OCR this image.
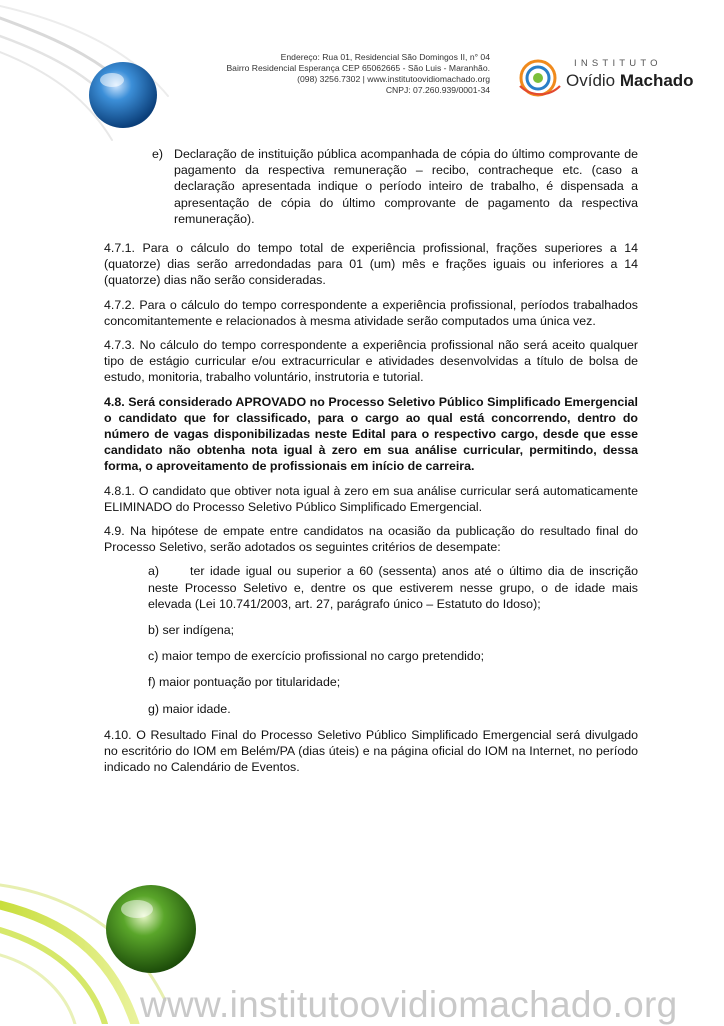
Endereço: Rua 01, Residencial São Domingos II, n° 04
Bairro Residencial Esperança CEP 65062665 - São Luis - Maranhão.
(098) 3256.7302 | www.institutoovidiomachado.org
CNPJ: 07.260.939/0001-34
INSTITUTO
Ovídio Machado
e) Declaração de instituição pública acompanhada de cópia do último comprovante de pagamento da respectiva remuneração – recibo, contracheque etc. (caso a declaração apresentada indique o período inteiro de trabalho, é dispensada a apresentação de cópia do último comprovante de pagamento da respectiva remuneração).

4.7.1. Para o cálculo do tempo total de experiência profissional, frações superiores a 14 (quatorze) dias serão arredondadas para 01 (um) mês e frações iguais ou inferiores a 14 (quatorze) dias não serão consideradas.

4.7.2. Para o cálculo do tempo correspondente a experiência profissional, períodos trabalhados concomitantemente e relacionados à mesma atividade serão computados uma única vez.

4.7.3. No cálculo do tempo correspondente a experiência profissional não será aceito qualquer tipo de estágio curricular e/ou extracurricular e atividades desenvolvidas a título de bolsa de estudo, monitoria, trabalho voluntário, instrutoria e tutorial.

4.8. Será considerado APROVADO no Processo Seletivo Público Simplificado Emergencial o candidato que for classificado, para o cargo ao qual está concorrendo, dentro do número de vagas disponibilizadas neste Edital para o respectivo cargo, desde que esse candidato não obtenha nota igual à zero em sua análise curricular, permitindo, dessa forma, o aproveitamento de profissionais em início de carreira.

4.8.1. O candidato que obtiver nota igual à zero em sua análise curricular será automaticamente ELIMINADO do Processo Seletivo Público Simplificado Emergencial.

4.9. Na hipótese de empate entre candidatos na ocasião da publicação do resultado final do Processo Seletivo, serão adotados os seguintes critérios de desempate:

a) ter idade igual ou superior a 60 (sessenta) anos até o último dia de inscrição neste Processo Seletivo e, dentre os que estiverem nesse grupo, o de idade mais elevada (Lei 10.741/2003, art. 27, parágrafo único – Estatuto do Idoso);

b) ser indígena;

c) maior tempo de exercício profissional no cargo pretendido;

f) maior pontuação por titularidade;

g) maior idade.

4.10. O Resultado Final do Processo Seletivo Público Simplificado Emergencial será divulgado no escritório do IOM em Belém/PA (dias úteis) e na página oficial do IOM na Internet, no período indicado no Calendário de Eventos.

www.institutoovidiomachado.org
